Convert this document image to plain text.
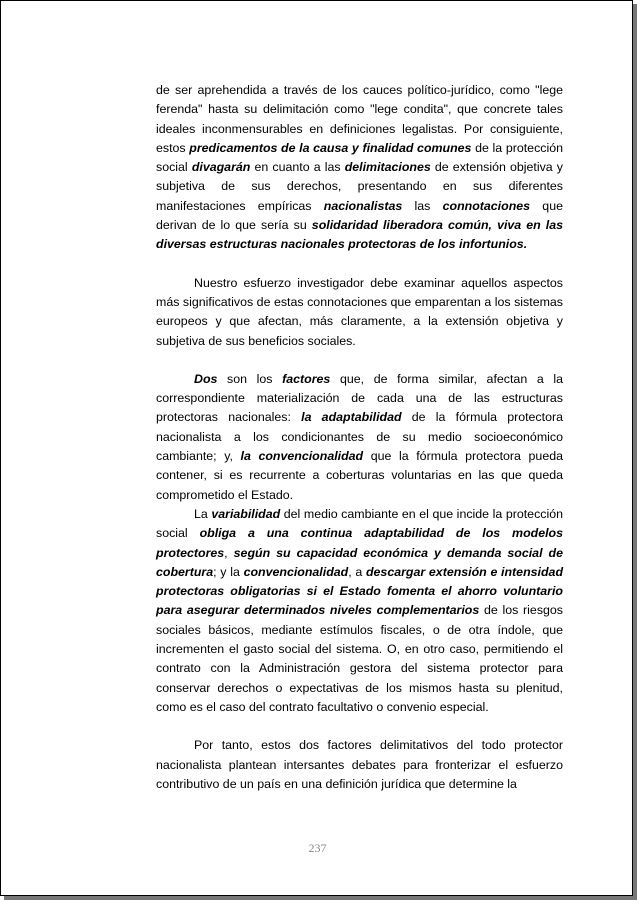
de ser aprehendida a través de los cauces político-jurídico, como "lege ferenda" hasta su delimitación como "lege condita", que concrete tales ideales inconmensurables en definiciones legalistas. Por consiguiente, estos predicamentos de la causa y finalidad comunes de la protección social divagarán en cuanto a las delimitaciones de extensión objetiva y subjetiva de sus derechos, presentando en sus diferentes manifestaciones empíricas nacionalistas las connotaciones que derivan de lo que sería su solidaridad liberadora común, viva en las diversas estructuras nacionales protectoras de los infortunios.

Nuestro esfuerzo investigador debe examinar aquellos aspectos más significativos de estas connotaciones que emparentan a los sistemas europeos y que afectan, más claramente, a la extensión objetiva y subjetiva de sus beneficios sociales.

Dos son los factores que, de forma similar, afectan a la correspondiente materialización de cada una de las estructuras protectoras nacionales: la adaptabilidad de la fórmula protectora nacionalista a los condicionantes de su medio socioeconómico cambiante; y, la convencionalidad que la fórmula protectora pueda contener, si es recurrente a coberturas voluntarias en las que queda comprometido el Estado.

La variabilidad del medio cambiante en el que incide la protección social obliga a una continua adaptabilidad de los modelos protectores, según su capacidad económica y demanda social de cobertura; y la convencionalidad, a descargar extensión e intensidad protectoras obligatorias si el Estado fomenta el ahorro voluntario para asegurar determinados niveles complementarios de los riesgos sociales básicos, mediante estímulos fiscales, o de otra índole, que incrementen el gasto social del sistema. O, en otro caso, permitiendo el contrato con la Administración gestora del sistema protector para conservar derechos o expectativas de los mismos hasta su plenitud, como es el caso del contrato facultativo o convenio especial.

Por tanto, estos dos factores delimitativos del todo protector nacionalista plantean intersantes debates para fronterizar el esfuerzo contributivo de un país en una definición jurídica que determine la

237
